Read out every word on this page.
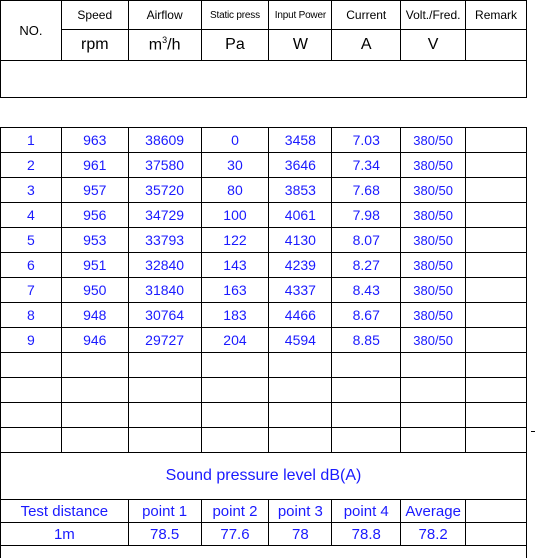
NO.	Speed	Airflow	Static press	Input Power	Current	Volt./Fred.	Remark	
	rpm	$m^3/h$	Pa	W	A	V		

1	963	38609	0	3458	7.03	380/50		
2	961	37580	30	3646	7.34	380/50		
3	957	35720	80	3853	7.68	380/50		
4	956	34729	100	4061	7.98	380/50		
5	953	33793	122	4130	8.07	380/50		
6	951	32840	143	4239	8.27	380/50		
7	950	31840	163	4337	8.43	380/50		
8	948	30764	183	4466	8.67	380/50		
9	946	29727	204	4594	8.85	380/50		

Sound pressure level dB(A)								
Test distance		point 1	point 2	point 3	point 4	Average		
1m		78.5	77.6	78	78.8	78.2		
